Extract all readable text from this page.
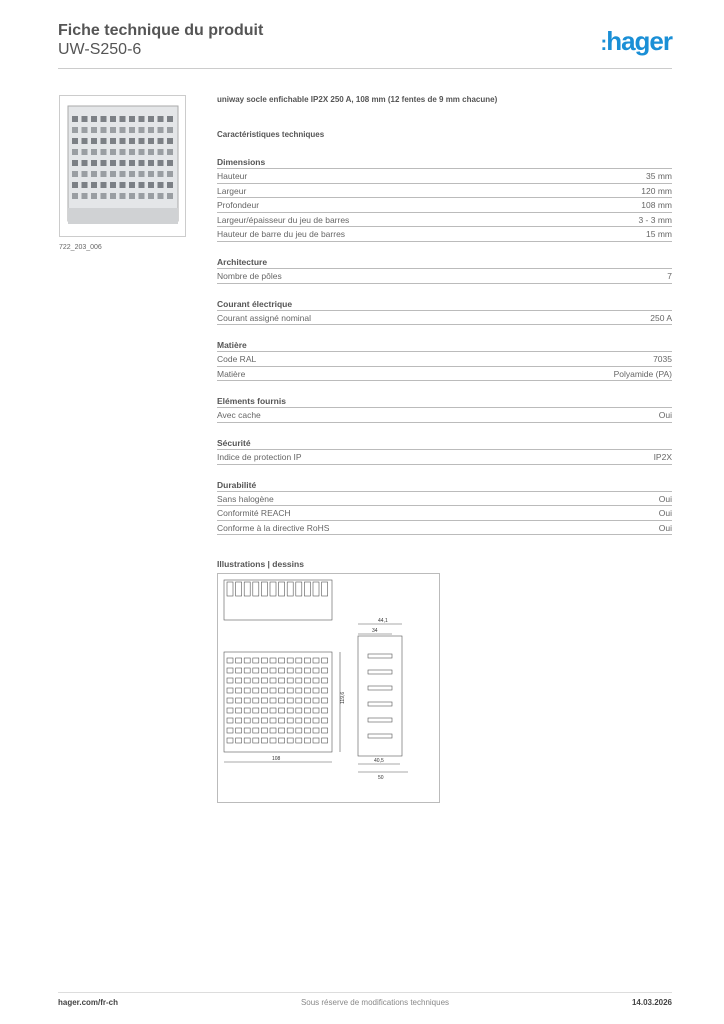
Fiche technique du produit
UW-S250-6	:hager
722_203_006
uniway socle enfichable IP2X 250 A, 108 mm (12 fentes de 9 mm chacune)
Caractéristiques techniques
Dimensions
Hauteur	35 mm
Largeur	120 mm
Profondeur	108 mm
Largeur/épaisseur du jeu de barres	3 - 3 mm
Hauteur de barre du jeu de barres	15 mm
Architecture
Nombre de pôles	7
Courant électrique
Courant assigné nominal	250 A
Matière
Code RAL	7035
Matière	Polyamide (PA)
Eléments fournis
Avec cache	Oui
Sécurité
Indice de protection IP	IP2X
Durabilité
Sans halogène	Oui
Conformité REACH	Oui
Conforme à la directive RoHS	Oui
Illustrations | dessins
44,1
34
119,6
108	40,5
50
hager.com/fr-ch	Sous réserve de modifications techniques	14.03.2026
